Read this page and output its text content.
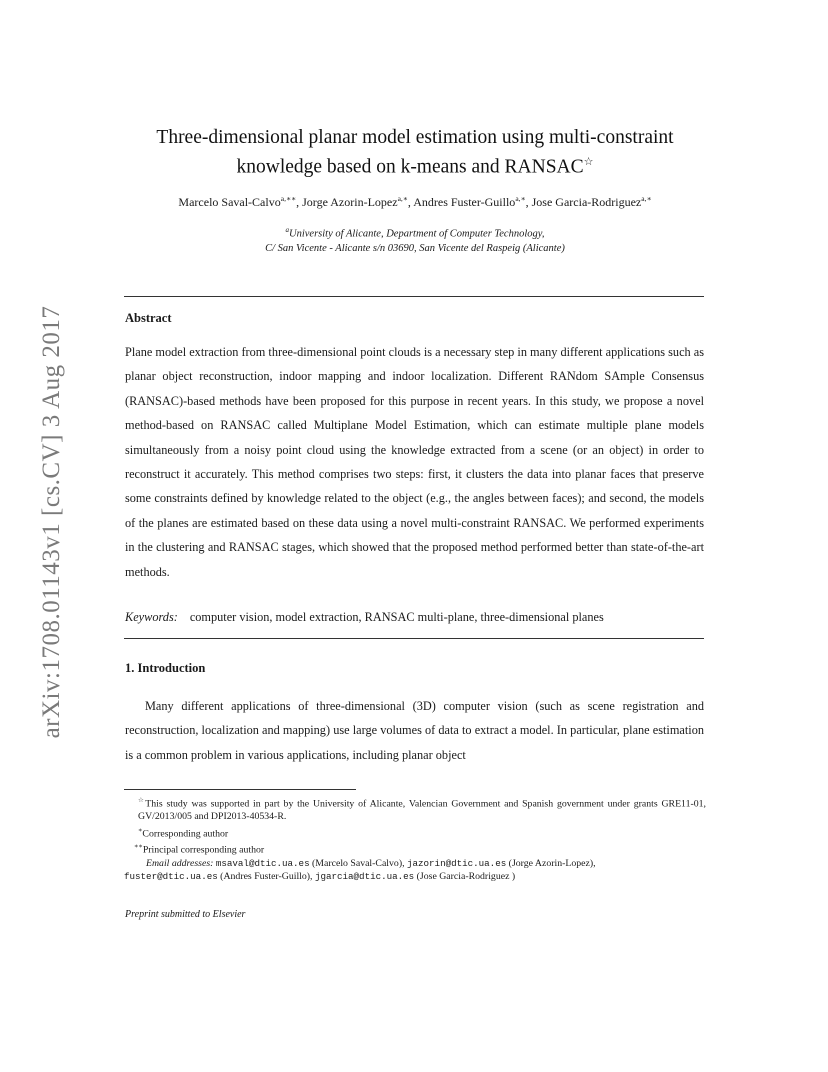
arXiv:1708.01143v1 [cs.CV] 3 Aug 2017
Three-dimensional planar model estimation using multi-constraint
knowledge based on k-means and RANSAC☆
Marcelo Saval-Calvo$^{a,∗∗}$, Jorge Azorin-Lopez$^{a,∗}$, Andres Fuster-Guillo$^{a,∗}$, Jose Garcia-Rodriguez$^{a,∗}$
$^a$University of Alicante, Department of Computer Technology,
C/ San Vicente - Alicante s/n 03690, San Vicente del Raspeig (Alicante)
Abstract

Plane model extraction from three-dimensional point clouds is a necessary step in many different applications such as planar object reconstruction, indoor mapping and indoor localization. Different RANdom SAmple Consensus (RANSAC)-based methods have been proposed for this purpose in recent years. In this study, we propose a novel method-based on RANSAC called Multiplane Model Estimation, which can estimate multiple plane models simultaneously from a noisy point cloud using the knowledge extracted from a scene (or an object) in order to reconstruct it accurately. This method comprises two steps: first, it clusters the data into planar faces that preserve some constraints defined by knowledge related to the object (e.g., the angles between faces); and second, the models of the planes are estimated based on these data using a novel multi-constraint RANSAC. We performed experiments in the clustering and RANSAC stages, which showed that the proposed method performed better than state-of-the-art methods.

Keywords: computer vision, model extraction, RANSAC multi-plane, three-dimensional planes
1. Introduction

Many different applications of three-dimensional (3D) computer vision (such as scene registration and reconstruction, localization and mapping) use large volumes of data to extract a model. In particular, plane estimation is a common problem in various applications, including planar object

☆This study was supported in part by the University of Alicante, Valencian Government and Spanish government under grants GRE11-01, GV/2013/005 and DPI2013-40534-R.

∗Corresponding author

∗∗Principal corresponding author

Email addresses: msaval@dtic.ua.es (Marcelo Saval-Calvo), jazorin@dtic.ua.es (Jorge Azorin-Lopez),

fuster@dtic.ua.es (Andres Fuster-Guillo), jgarcia@dtic.ua.es (Jose Garcia-Rodriguez )

Preprint submitted to Elsevier
